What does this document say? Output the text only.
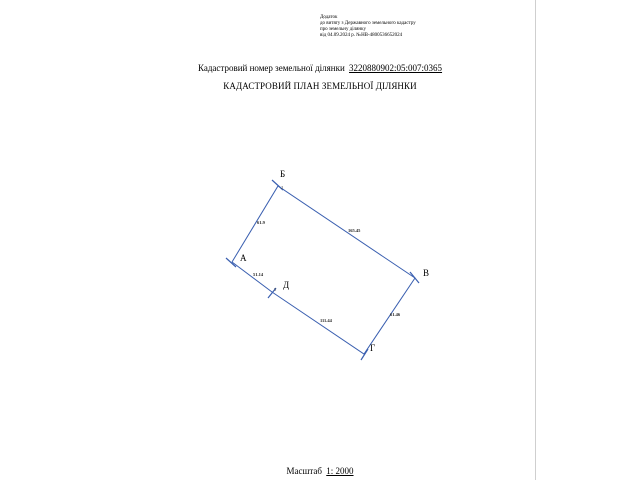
Додаток
до витягу з Державного земельного кадастру
про земельну ділянку
від 04.09.2024 р. №НВ-4800536652024
Кадастровий номер земельної ділянки 3220880902:05:007:0365
КАДАСТРОВИЙ ПЛАН ЗЕМЕЛЬНОЇ ДІЛЯНКИ
А
Б
В
Г
Д
2
5
61.9
165.45
61.46
111.44
51.14
Масштаб 1: 2000
